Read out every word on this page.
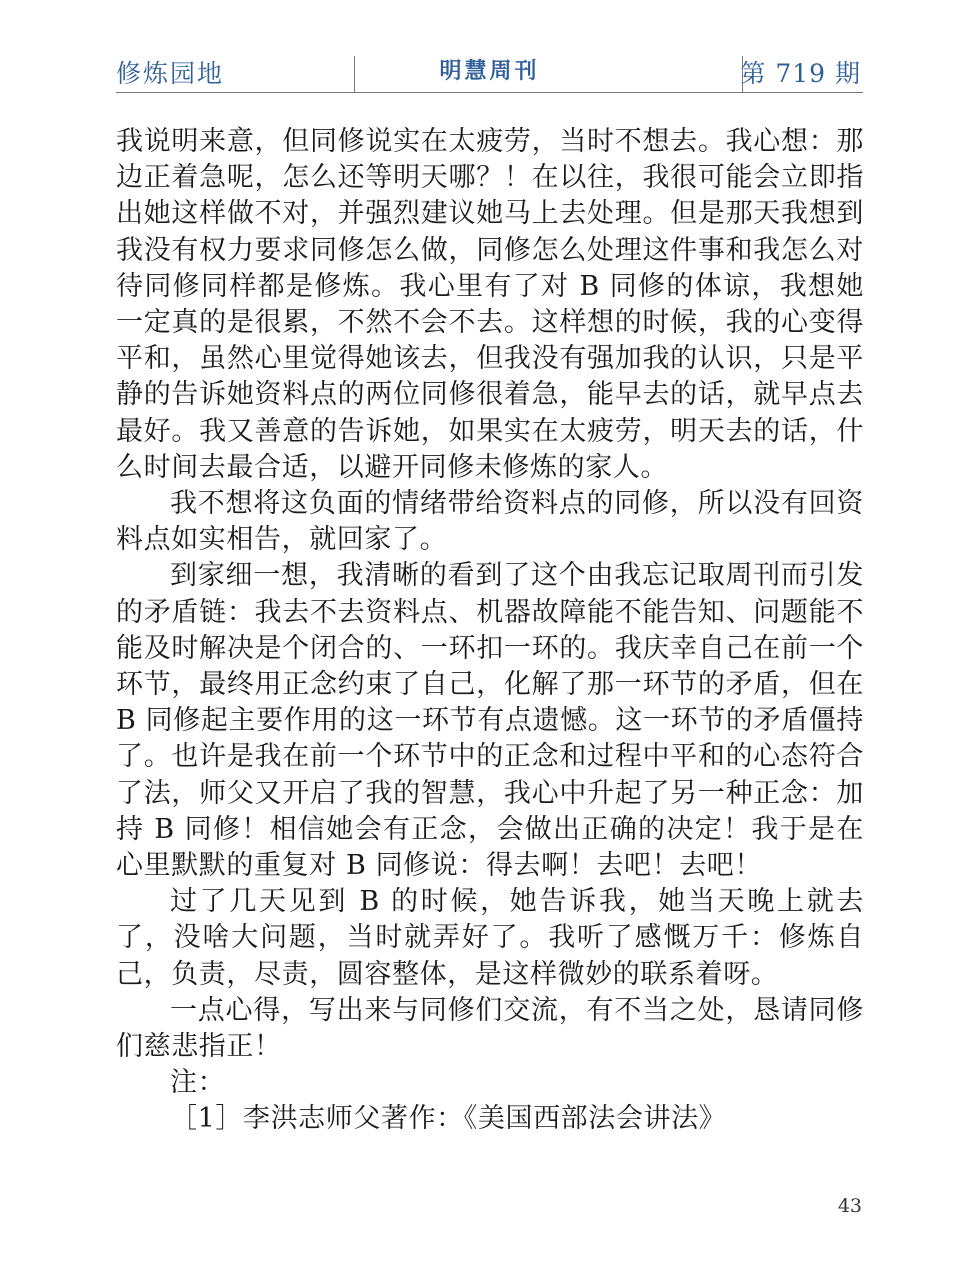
修炼园地	明慧周刊	第 719 期

我说明来意，但同修说实在太疲劳，当时不想去。我心想：那边正着急呢，怎么还等明天哪？！在以往，我很可能会立即指出她这样做不对，并强烈建议她马上去处理。但是那天我想到我没有权力要求同修怎么做，同修怎么处理这件事和我怎么对待同修同样都是修炼。我心里有了对 B 同修的体谅，我想她一定真的是很累，不然不会不去。这样想的时候，我的心变得平和，虽然心里觉得她该去，但我没有强加我的认识，只是平静的告诉她资料点的两位同修很着急，能早去的话，就早点去最好。我又善意的告诉她，如果实在太疲劳，明天去的话，什么时间去最合适，以避开同修未修炼的家人。

我不想将这负面的情绪带给资料点的同修，所以没有回资料点如实相告，就回家了。

到家细一想，我清晰的看到了这个由我忘记取周刊而引发的矛盾链：我去不去资料点、机器故障能不能告知、问题能不能及时解决是个闭合的、一环扣一环的。我庆幸自己在前一个环节，最终用正念约束了自己，化解了那一环节的矛盾，但在 B 同修起主要作用的这一环节有点遗憾。这一环节的矛盾僵持了。也许是我在前一个环节中的正念和过程中平和的心态符合了法，师父又开启了我的智慧，我心中升起了另一种正念：加持 B 同修！相信她会有正念，会做出正确的决定！我于是在心里默默的重复对 B 同修说：得去啊！去吧！去吧！

过了几天见到 B 的时候，她告诉我，她当天晚上就去了，没啥大问题，当时就弄好了。我听了感慨万千：修炼自己，负责，尽责，圆容整体，是这样微妙的联系着呀。

一点心得，写出来与同修们交流，有不当之处，恳请同修们慈悲指正！

注：

［1］李洪志师父著作：《美国西部法会讲法》

43
